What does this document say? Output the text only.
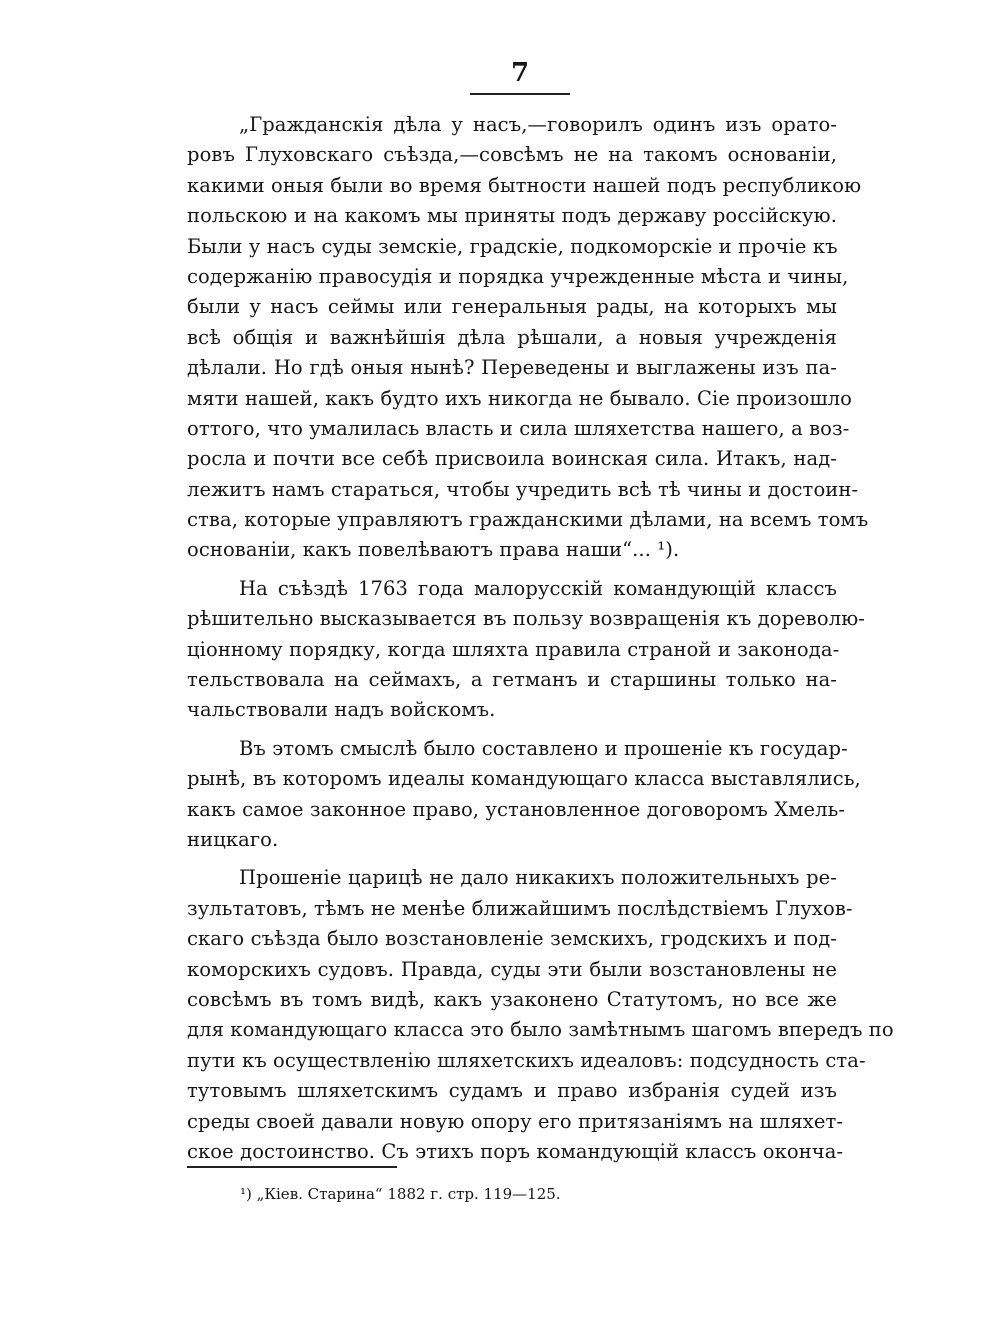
7
„Гражданскія дѣла у насъ,—говорилъ одинъ изъ орато-
ровъ Глуховскаго съѣзда,—совсѣмъ не на такомъ основаніи,
какими оныя были во время бытности нашей подъ республикою
польскою и на какомъ мы приняты подъ державу россійскую.
Были у насъ суды земскіе, градскіе, подкоморскіе и прочіе къ
содержанію правосудія и порядка учрежденные мѣста и чины,
были у насъ сеймы или генеральныя рады, на которыхъ мы
всѣ общія и важнѣйшія дѣла рѣшали, а новыя учрежденія
дѣлали. Но гдѣ оныя нынѣ? Переведены и выглажены изъ па-
мяти нашей, какъ будто ихъ никогда не бывало. Сіе произошло
оттого, что умалилась власть и сила шляхетства нашего, а воз-
росла и почти все себѣ присвоила воинская сила. Итакъ, над-
лежитъ намъ стараться, чтобы учредить всѣ тѣ чины и достоин-
ства, которые управляютъ гражданскими дѣлами, на всемъ томъ
основаніи, какъ повелѣваютъ права наши“... ¹).
На съѣздѣ 1763 года малорусскій командующій классъ
рѣшительно высказывается въ пользу возвращенія къ дореволю-
ціонному порядку, когда шляхта правила страной и законода-
тельствовала на сеймахъ, а гетманъ и старшины только на-
чальствовали надъ войскомъ.
Въ этомъ смыслѣ было составлено и прошеніе къ государ-
рынѣ, въ которомъ идеалы командующаго класса выставлялись,
какъ самое законное право, установленное договоромъ Хмель-
ницкаго.
Прошеніе царицѣ не дало никакихъ положительныхъ ре-
зультатовъ, тѣмъ не менѣе ближайшимъ послѣдствіемъ Глухов-
скаго съѣзда было возстановленіе земскихъ, гродскихъ и под-
коморскихъ судовъ. Правда, суды эти были возстановлены не
совсѣмъ въ томъ видѣ, какъ узаконено Статутомъ, но все же
для командующаго класса это было замѣтнымъ шагомъ впередъ по
пути къ осуществленію шляхетскихъ идеаловъ: подсудность ста-
тутовымъ шляхетскимъ судамъ и право избранія судей изъ
среды своей давали новую опору его притязаніямъ на шляхет-
ское достоинство. Съ этихъ поръ командующій классъ оконча-
¹) „Кіев. Старина“ 1882 г. стр. 119—125.
